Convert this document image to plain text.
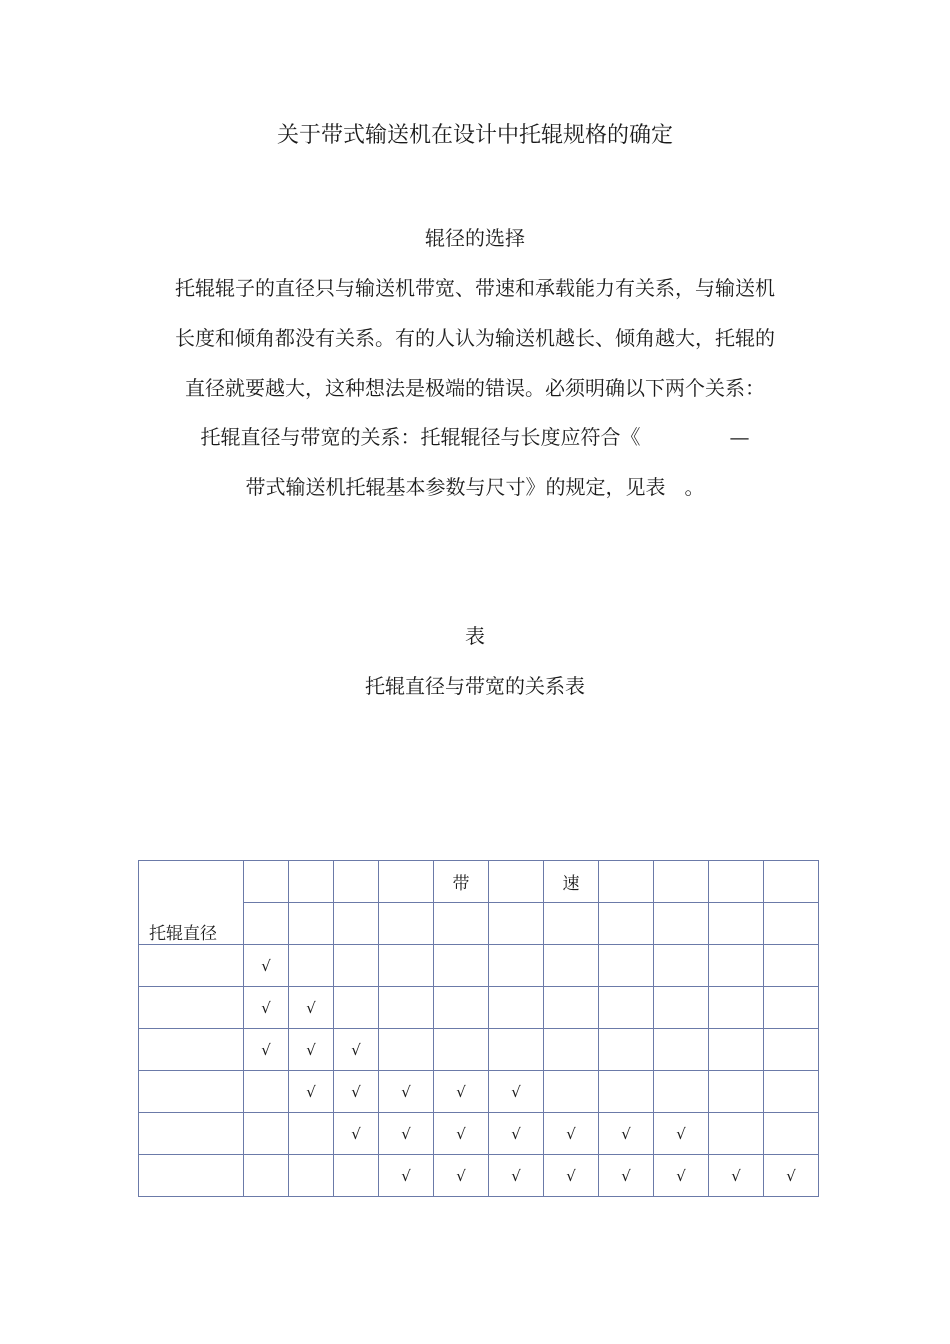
关于带式输送机在设计中托辊规格的确定
辊径的选择
托辊辊子的直径只与输送机带宽、带速和承载能力有关系，与输送机
长度和倾角都没有关系。有的人认为输送机越长、倾角越大，托辊的
直径就要越大，这种想法是极端的错误。必须明确以下两个关系：
托辊直径与带宽的关系：托辊辊径与长度应符合《              —
带式输送机托辊基本参数与尺寸》的规定，见表   。
表
托辊直径与带宽的关系表
托辊直径					带		速				

	√										
	√	√									
	√	√	√								
		√	√	√	√	√					
			√	√	√	√	√	√	√		
				√	√	√	√	√	√	√	√
